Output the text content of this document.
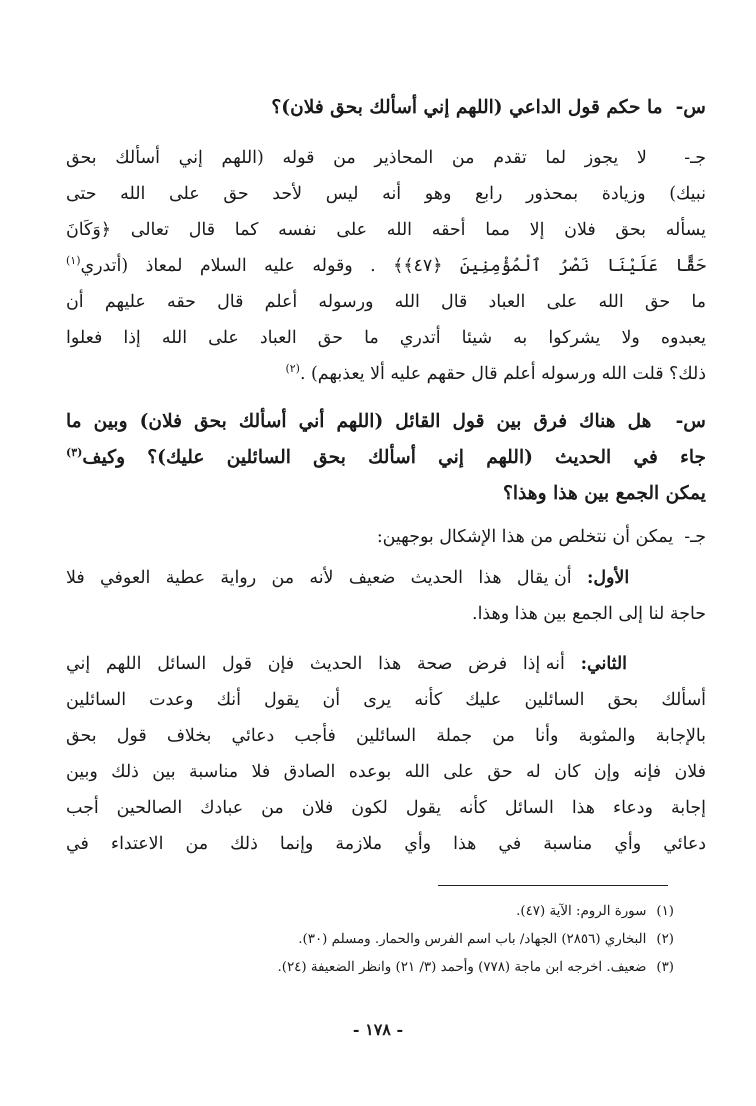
س-  ما حكم قول الداعي (اللهم إني أسألك بحق فلان)؟
جـ-  لا يجوز لما تقدم من المحاذير من قوله (اللهم إني أسألك بحق
نبيك) وزيادة بمحذور رابع وهو أنه ليس لأحد حق على الله حتى
يسأله بحق فلان إلا مما أحقه الله على نفسه كما قال تعالى ﴿وَكَانَ
حَقًّا عَلَيْنَا نَصْرُ ٱلْمُؤْمِنِينَ ﴿٤٧﴾﴾ . وقوله عليه السلام لمعاذ (أتدري$^{(١)}$
ما حق الله على العباد قال الله ورسوله أعلم قال حقه عليهم أن
يعبدوه ولا يشركوا به شيئا أتدري ما حق العباد على الله إذا فعلوا
ذلك؟ قلت الله ورسوله أعلم قال حقهم عليه ألا يعذبهم) .$^{(٢)}$
س-  هل هناك فرق بين قول القائل (اللهم أني أسألك بحق فلان) وبين ما
جاء في الحديث (اللهم إني أسألك بحق السائلين عليك)؟ وكيف$^{(٣)}$
يمكن الجمع بين هذا وهذا؟
جـ-  يمكن أن نتخلص من هذا الإشكال بوجهين:
الأول: أن يقال هذا الحديث ضعيف لأنه من رواية عطية العوفي فلا
حاجة لنا إلى الجمع بين هذا وهذا.
الثاني: أنه إذا فرض صحة هذا الحديث فإن قول السائل اللهم إني
أسألك بحق السائلين عليك كأنه يرى أن يقول أنك وعدت السائلين
بالإجابة والمثوبة وأنا من جملة السائلين فأجب دعائي بخلاف قول بحق
فلان فإنه وإن كان له حق على الله بوعده الصادق فلا مناسبة بين ذلك وبين
إجابة ودعاء هذا السائل كأنه يقول لكون فلان من عبادك الصالحين أجب
دعائي وأي مناسبة في هذا وأي ملازمة وإنما ذلك من الاعتداء في
(١)سورة الروم: الآية (٤٧).
(٢)البخاري (٢٨٥٦) الجهاد/ باب اسم الفرس والحمار. ومسلم (٣٠).
(٣)ضعيف. اخرجه ابن ماجة (٧٧٨) وأحمد (٣/ ٢١) وانظر الضعيفة (٢٤).
- ١٧٨ -
